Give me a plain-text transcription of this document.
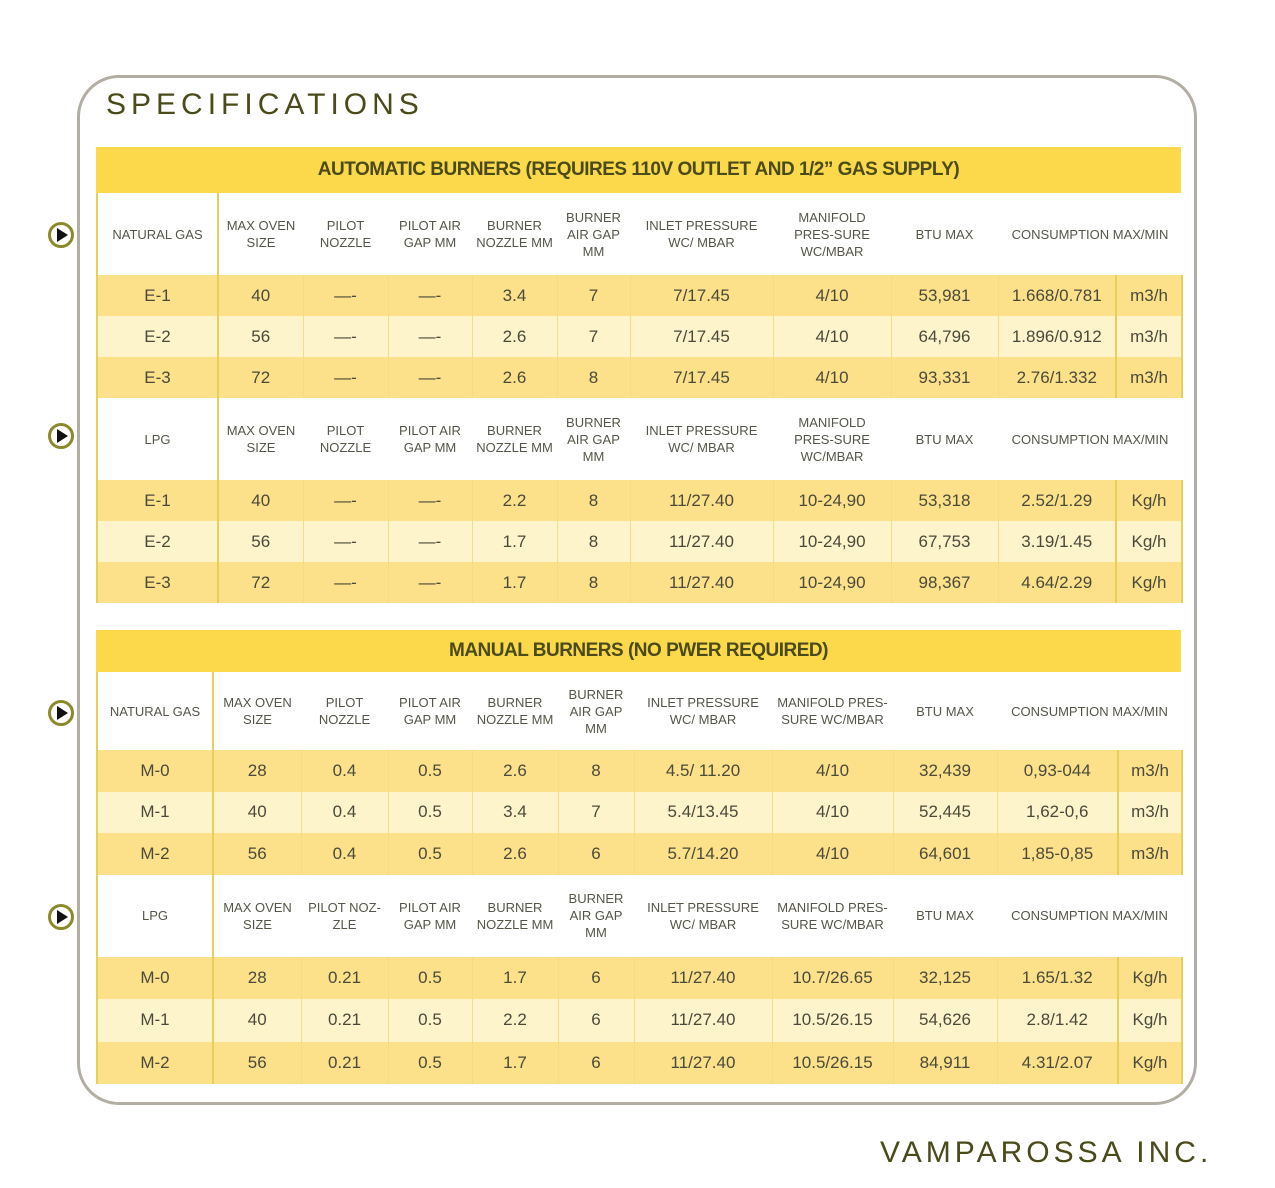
SPECIFICATIONS
AUTOMATIC BURNERS (REQUIRES 110V OUTLET AND 1/2” GAS SUPPLY)
NATURAL GAS	MAX OVEN SIZE	PILOT NOZZLE	PILOT AIR GAP MM	BURNER NOZZLE MM	BURNER AIR GAP MM	INLET PRESSURE WC/ MBAR	MANIFOLD PRES-SURE WC/MBAR	BTU MAX	CONSUMPTION MAX/MIN	
E-1	40	—-	—-	3.4	7	7/17.45	4/10	53,981	1.668/0.781	m3/h
E-2	56	—-	—-	2.6	7	7/17.45	4/10	64,796	1.896/0.912	m3/h
E-3	72	—-	—-	2.6	8	7/17.45	4/10	93,331	2.76/1.332	m3/h
LPG	MAX OVEN SIZE	PILOT NOZZLE	PILOT AIR GAP MM	BURNER NOZZLE MM	BURNER AIR GAP MM	INLET PRESSURE WC/ MBAR	MANIFOLD PRES-SURE WC/MBAR	BTU MAX	CONSUMPTION MAX/MIN	
E-1	40	—-	—-	2.2	8	11/27.40	10-24,90	53,318	2.52/1.29	Kg/h
E-2	56	—-	—-	1.7	8	11/27.40	10-24,90	67,753	3.19/1.45	Kg/h
E-3	72	—-	—-	1.7	8	11/27.40	10-24,90	98,367	4.64/2.29	Kg/h
MANUAL BURNERS (NO PWER REQUIRED)
NATURAL GAS	MAX OVEN SIZE	PILOT NOZZLE	PILOT AIR GAP MM	BURNER NOZZLE MM	BURNER AIR GAP MM	INLET PRESSURE WC/ MBAR	MANIFOLD PRES-SURE WC/MBAR	BTU MAX	CONSUMPTION MAX/MIN	
M-0	28	0.4	0.5	2.6	8	4.5/ 11.20	4/10	32,439	0,93-044	m3/h
M-1	40	0.4	0.5	3.4	7	5.4/13.45	4/10	52,445	1,62-0,6	m3/h
M-2	56	0.4	0.5	2.6	6	5.7/14.20	4/10	64,601	1,85-0,85	m3/h
LPG	MAX OVEN SIZE	PILOT NOZ-ZLE	PILOT AIR GAP MM	BURNER NOZZLE MM	BURNER AIR GAP MM	INLET PRESSURE WC/ MBAR	MANIFOLD PRES-SURE WC/MBAR	BTU MAX	CONSUMPTION MAX/MIN	
M-0	28	0.21	0.5	1.7	6	11/27.40	10.7/26.65	32,125	1.65/1.32	Kg/h
M-1	40	0.21	0.5	2.2	6	11/27.40	10.5/26.15	54,626	2.8/1.42	Kg/h
M-2	56	0.21	0.5	1.7	6	11/27.40	10.5/26.15	84,911	4.31/2.07	Kg/h
VAMPAROSSA INC.
